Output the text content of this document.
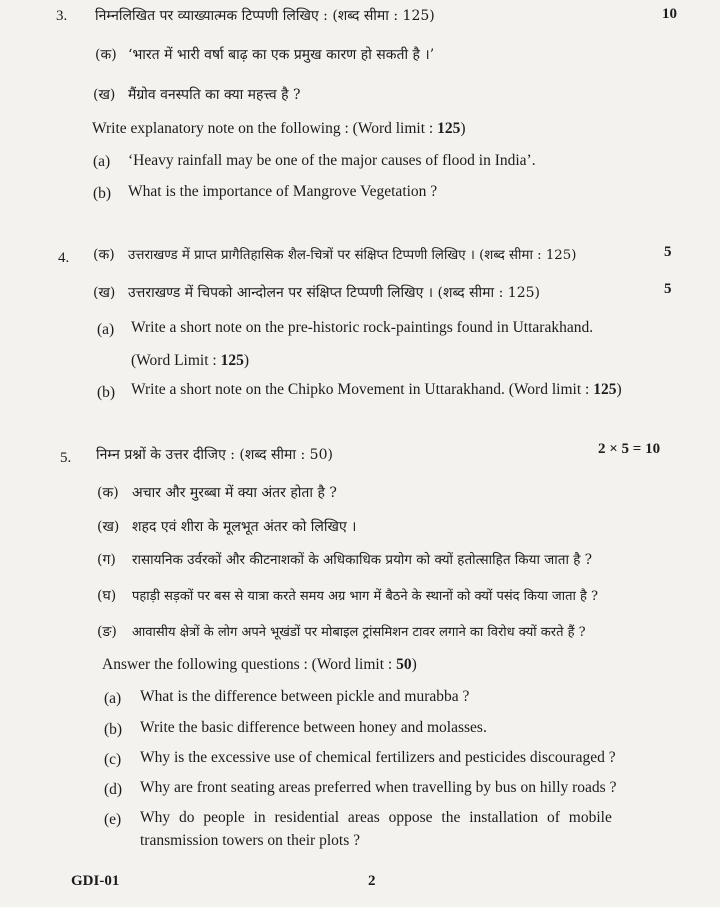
3. निम्नलिखित पर व्याख्यात्मक टिप्पणी लिखिए : (शब्द सीमा : 125)	10
(क) ‘भारत में भारी वर्षा बाढ़ का एक प्रमुख कारण हो सकती है ।’
(ख) मैंग्रोव वनस्पति का क्या महत्त्व है ?
Write explanatory note on the following : (Word limit : 125)
(a) ‘Heavy rainfall may be one of the major causes of flood in India’.
(b) What is the importance of Mangrove Vegetation ?
4. (क) उत्तराखण्ड में प्राप्त प्रागैतिहासिक शैल-चित्रों पर संक्षिप्त टिप्पणी लिखिए । (शब्द सीमा : 125)	5
(ख) उत्तराखण्ड में चिपको आन्दोलन पर संक्षिप्त टिप्पणी लिखिए । (शब्द सीमा : 125)	5
(a) Write a short note on the pre-historic rock-paintings found in Uttarakhand.
(Word Limit : 125)
(b) Write a short note on the Chipko Movement in Uttarakhand. (Word limit : 125)
5. निम्न प्रश्नों के उत्तर दीजिए : (शब्द सीमा : 50)	2 × 5 = 10
(क) अचार और मुरब्बा में क्या अंतर होता है ?
(ख) शहद एवं शीरा के मूलभूत अंतर को लिखिए ।
(ग) रासायनिक उर्वरकों और कीटनाशकों के अधिकाधिक प्रयोग को क्यों हतोत्साहित किया जाता है ?
(घ) पहाड़ी सड़कों पर बस से यात्रा करते समय अग्र भाग में बैठने के स्थानों को क्यों पसंद किया जाता है ?
(ङ) आवासीय क्षेत्रों के लोग अपने भूखंडों पर मोबाइल ट्रांसमिशन टावर लगाने का विरोध क्यों करते हैं ?
Answer the following questions : (Word limit : 50)
(a) What is the difference between pickle and murabba ?
(b) Write the basic difference between honey and molasses.
(c) Why is the excessive use of chemical fertilizers and pesticides discouraged ?
(d) Why are front seating areas preferred when travelling by bus on hilly roads ?
(e) Why do people in residential areas oppose the installation of mobile
transmission towers on their plots ?
GDI-01	2
